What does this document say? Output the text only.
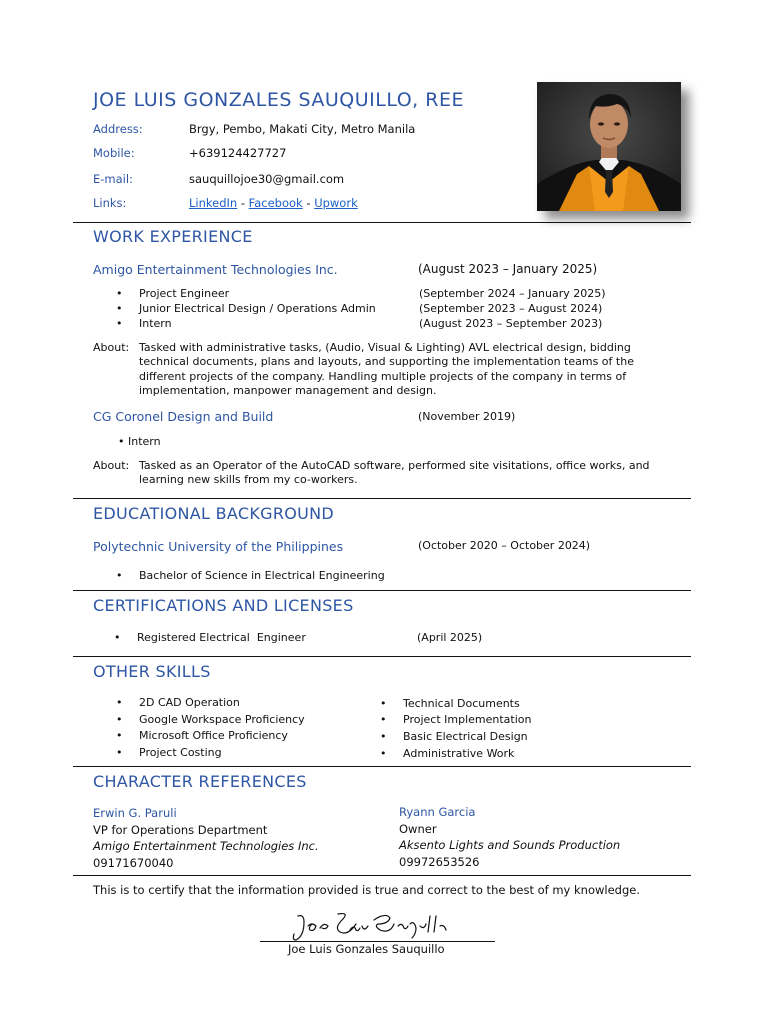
JOE LUIS GONZALES SAUQUILLO, REE
Address:	Brgy, Pembo, Makati City, Metro Manila
Mobile:	+639124427727
E-mail:	sauquillojoe30@gmail.com
Links:	LinkedIn - Facebook - Upwork
WORK EXPERIENCE
Amigo Entertainment Technologies Inc.	(August 2023 – January 2025)
• Project Engineer	(September 2024 – January 2025)
• Junior Electrical Design / Operations Admin	(September 2023 – August 2024)
• Intern	(August 2023 – September 2023)
About: Tasked with administrative tasks, (Audio, Visual & Lighting) AVL electrical design, bidding technical documents, plans and layouts, and supporting the implementation teams of the different projects of the company. Handling multiple projects of the company in terms of implementation, manpower management and design.
CG Coronel Design and Build	(November 2019)
• Intern
About: Tasked as an Operator of the AutoCAD software, performed site visitations, office works, and learning new skills from my co-workers.
EDUCATIONAL BACKGROUND
Polytechnic University of the Philippines	(October 2020 – October 2024)
• Bachelor of Science in Electrical Engineering
CERTIFICATIONS AND LICENSES
• Registered Electrical  Engineer	(April 2025)
OTHER SKILLS
• 2D CAD Operation
• Google Workspace Proficiency
• Microsoft Office Proficiency
• Project Costing
• Technical Documents
• Project Implementation
• Basic Electrical Design
• Administrative Work
CHARACTER REFERENCES
Erwin G. Paruli
VP for Operations Department
Amigo Entertainment Technologies Inc.
09171670040
Ryann Garcia
Owner
Aksento Lights and Sounds Production
09972653526
This is to certify that the information provided is true and correct to the best of my knowledge.
Joe Luis Gonzales Sauquillo
